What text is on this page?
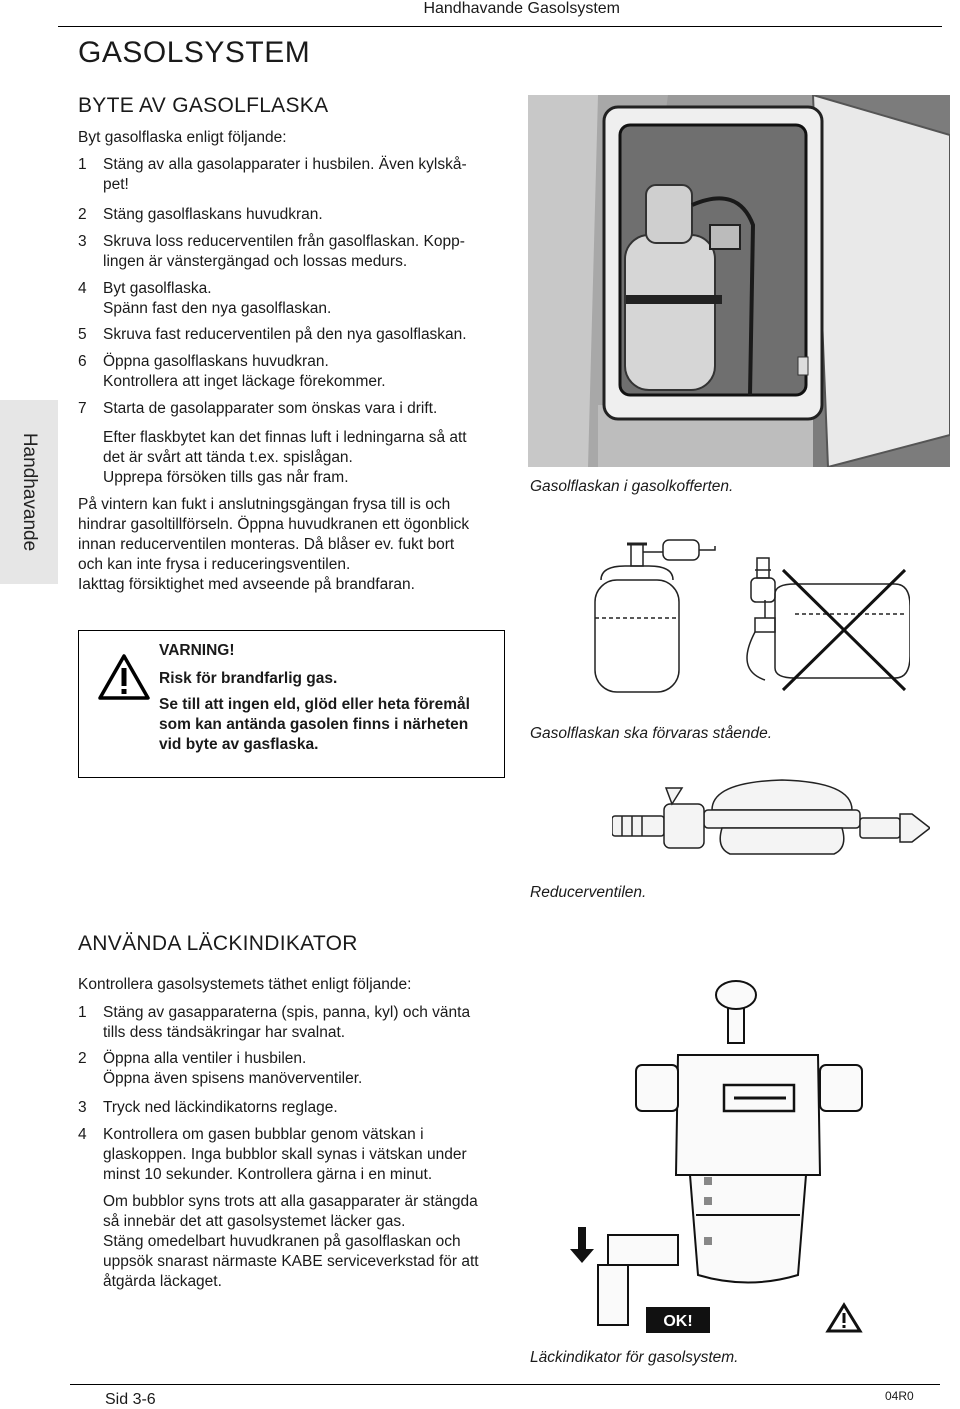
Handhavande Gasolsystem
Handhavande
GASOLSYSTEM
BYTE AV GASOLFLASKA
Byt gasolflaska enligt följande:
1	Stäng av alla gasolapparater i husbilen. Även kylskå-
pet!
2	Stäng gasolflaskans huvudkran.
3	Skruva loss reducerventilen från gasolflaskan. Kopp-
lingen är vänstergängad och lossas medurs.
4	Byt gasolflaska.
Spänn fast den nya gasolflaskan.
5	Skruva fast reducerventilen på den nya gasolflaskan.
6	Öppna gasolflaskans huvudkran.
Kontrollera att inget läckage förekommer.
7	Starta de gasolapparater som önskas vara i drift.
Efter flaskbytet kan det finnas luft i ledningarna så att
det är svårt att tända t.ex. spislågan.
Upprepa försöken tills gas når fram.
På vintern kan fukt i anslutningsgängan frysa till is och
hindrar gasoltillförseln. Öppna huvudkranen ett ögonblick
innan reducerventilen monteras. Då blåser ev. fukt bort
och kan inte frysa i reduceringsventilen.
Iakttag försiktighet med avseende på brandfaran.
VARNING!
Risk för brandfarlig gas.
Se till att ingen eld, glöd eller heta föremål
som kan antända gasolen finns i närheten
vid byte av gasflaska.
Gasolflaskan i gasolkofferten.
Gasolflaskan ska förvaras stående.
Reducerventilen.
ANVÄNDA LÄCKINDIKATOR
Kontrollera gasolsystemets täthet enligt följande:
1	Stäng av gasapparaterna (spis, panna, kyl) och vänta
tills dess tändsäkringar har svalnat.
2	Öppna alla ventiler i husbilen.
Öppna även spisens manöverventiler.
3	Tryck ned läckindikatorns reglage.
4	Kontrollera om gasen bubblar genom vätskan i
glaskoppen. Inga bubblor skall synas i vätskan under
minst 10 sekunder. Kontrollera gärna i en minut.
Om bubblor syns trots att alla gasapparater är stängda
så innebär det att gasolsystemet läcker gas.
Stäng omedelbart huvudkranen på gasolflaskan och
uppsök snarast närmaste KABE serviceverkstad för att
åtgärda läckaget.
OK!
Läckindikator för gasolsystem.
Sid 3-6	04R0
